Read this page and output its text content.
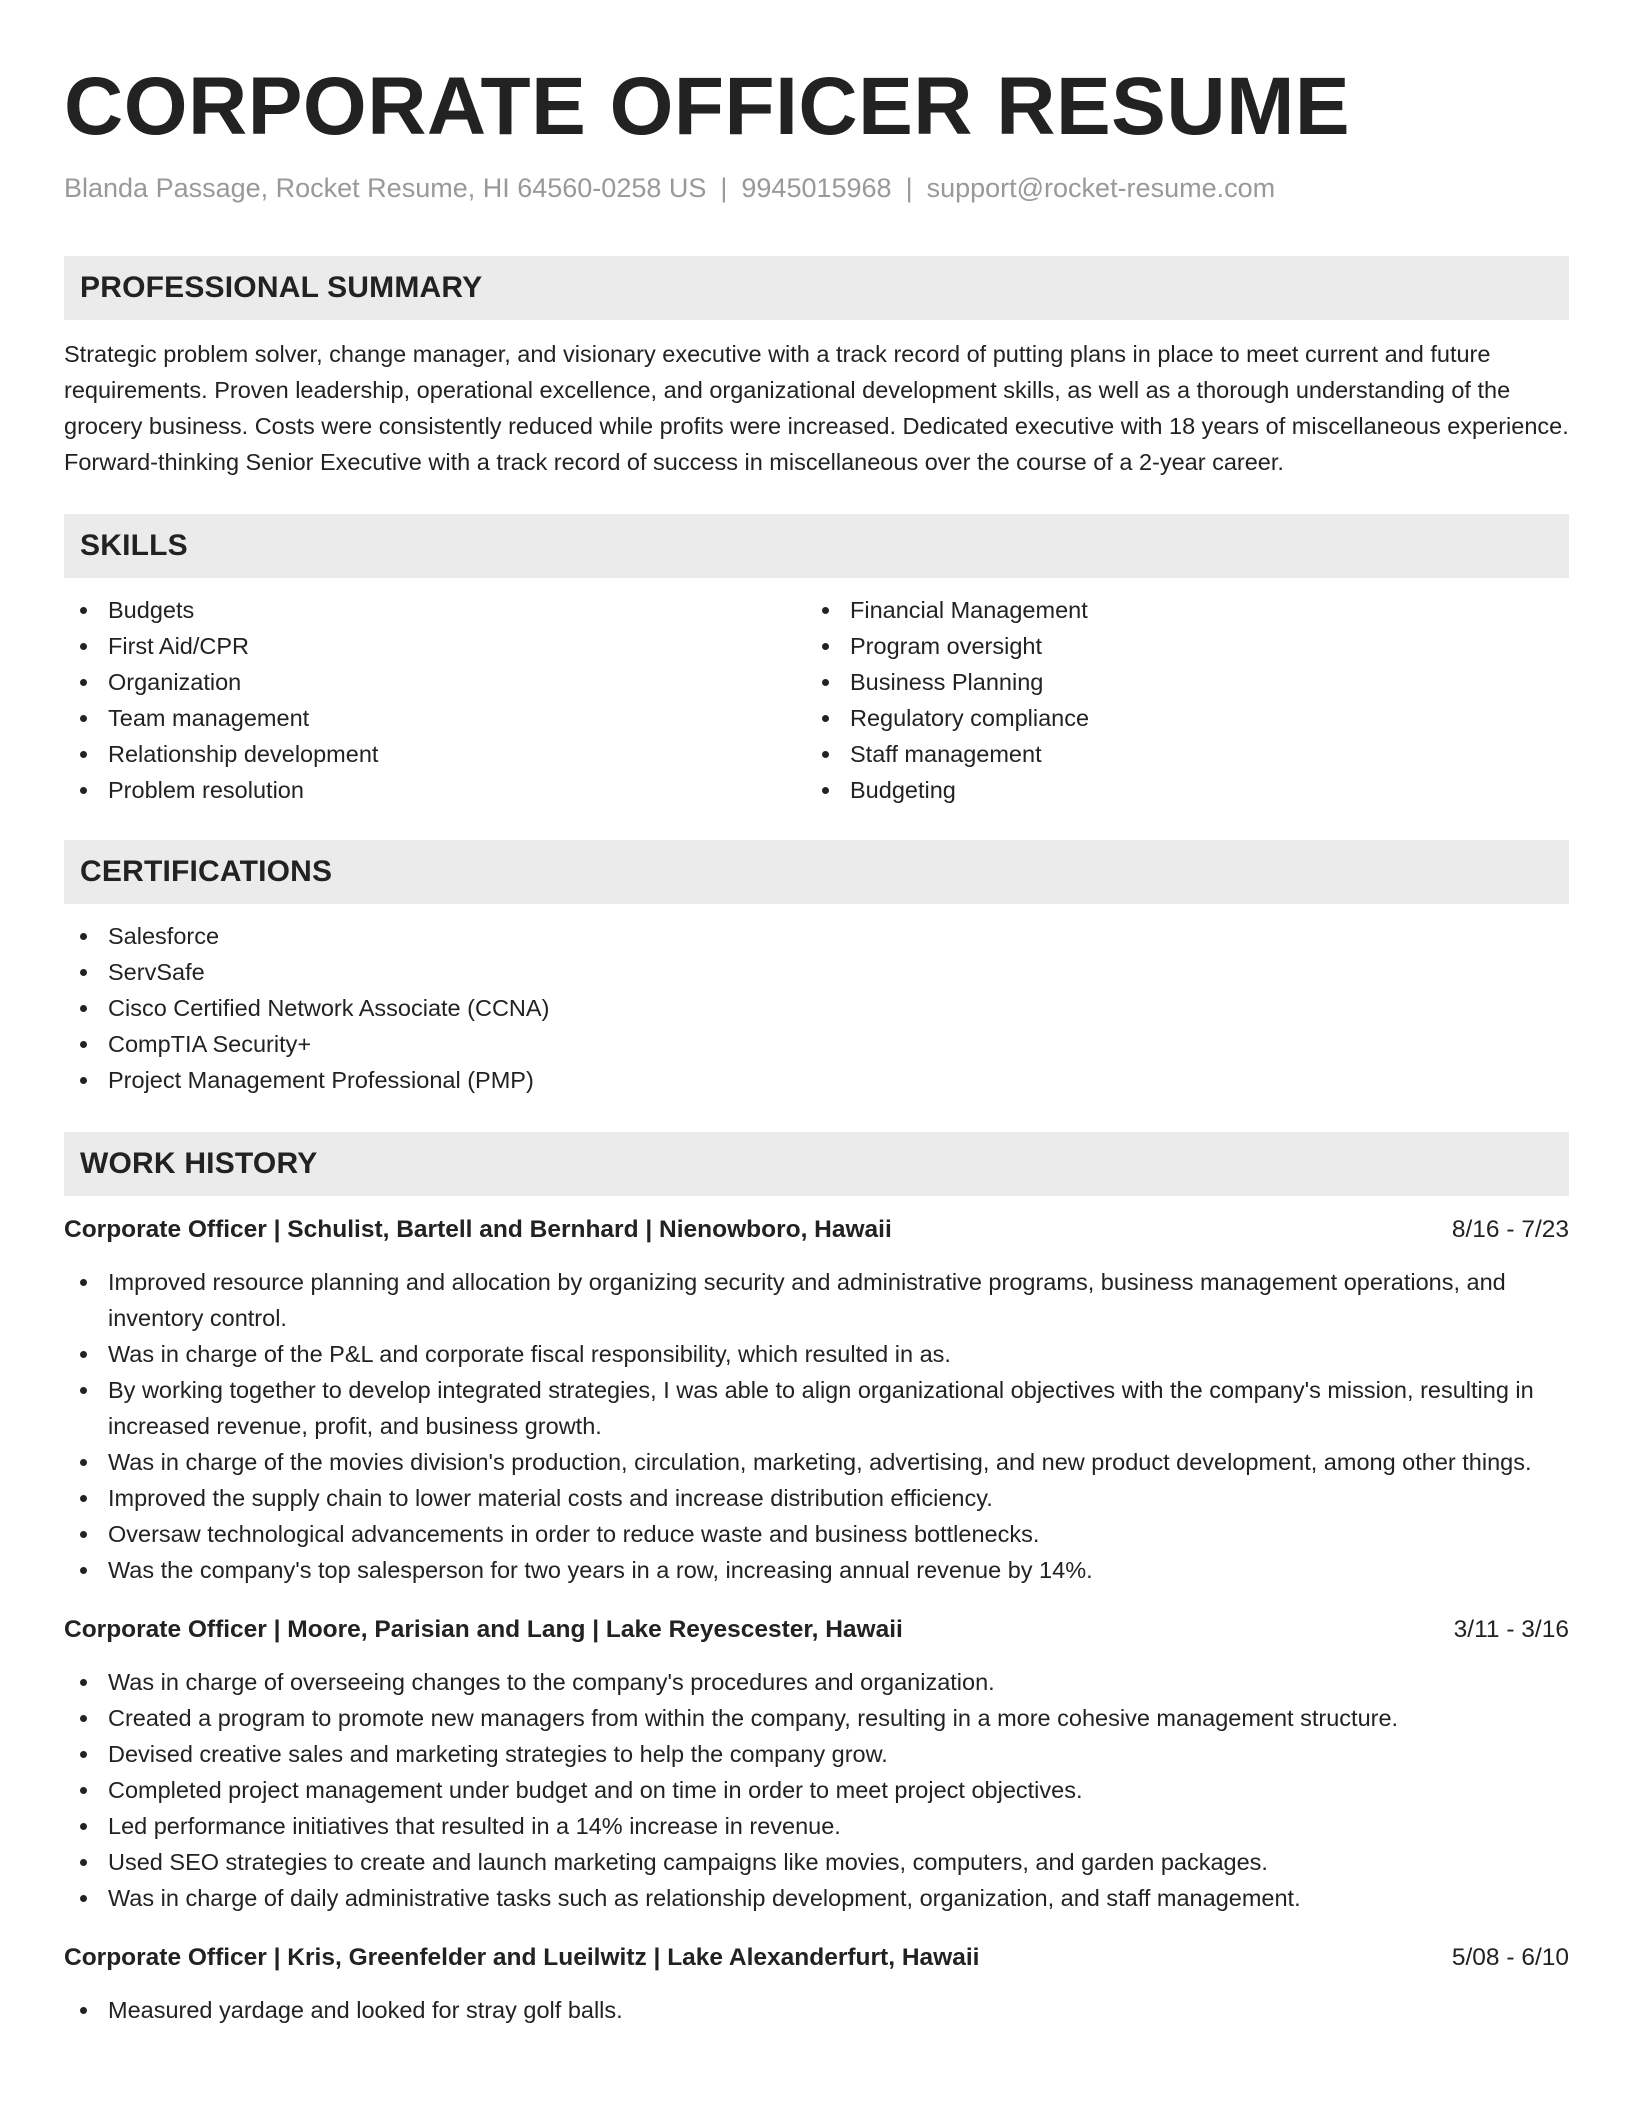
CORPORATE OFFICER RESUME
Blanda Passage, Rocket Resume, HI 64560-0258 US | 9945015968 | support@rocket-resume.com
PROFESSIONAL SUMMARY

Strategic problem solver, change manager, and visionary executive with a track record of putting plans in place to meet current and future requirements. Proven leadership, operational excellence, and organizational development skills, as well as a thorough understanding of the grocery business. Costs were consistently reduced while profits were increased. Dedicated executive with 18 years of miscellaneous experience. Forward-thinking Senior Executive with a track record of success in miscellaneous over the course of a 2-year career.

SKILLS
Budgets
First Aid/CPR
Organization
Team management
Relationship development
Problem resolution
Financial Management
Program oversight
Business Planning
Regulatory compliance
Staff management
Budgeting
CERTIFICATIONS
Salesforce
ServSafe
Cisco Certified Network Associate (CCNA)
CompTIA Security+
Project Management Professional (PMP)
WORK HISTORY
Corporate Officer | Schulist, Bartell and Bernhard | Nienowboro, Hawaii	8/16 - 7/23
Improved resource planning and allocation by organizing security and administrative programs, business management operations, and inventory control.
Was in charge of the P&L and corporate fiscal responsibility, which resulted in as.
By working together to develop integrated strategies, I was able to align organizational objectives with the company's mission, resulting in increased revenue, profit, and business growth.
Was in charge of the movies division's production, circulation, marketing, advertising, and new product development, among other things.
Improved the supply chain to lower material costs and increase distribution efficiency.
Oversaw technological advancements in order to reduce waste and business bottlenecks.
Was the company's top salesperson for two years in a row, increasing annual revenue by 14%.
Corporate Officer | Moore, Parisian and Lang | Lake Reyescester, Hawaii	3/11 - 3/16
Was in charge of overseeing changes to the company's procedures and organization.
Created a program to promote new managers from within the company, resulting in a more cohesive management structure.
Devised creative sales and marketing strategies to help the company grow.
Completed project management under budget and on time in order to meet project objectives.
Led performance initiatives that resulted in a 14% increase in revenue.
Used SEO strategies to create and launch marketing campaigns like movies, computers, and garden packages.
Was in charge of daily administrative tasks such as relationship development, organization, and staff management.
Corporate Officer | Kris, Greenfelder and Lueilwitz | Lake Alexanderfurt, Hawaii	5/08 - 6/10
Measured yardage and looked for stray golf balls.
